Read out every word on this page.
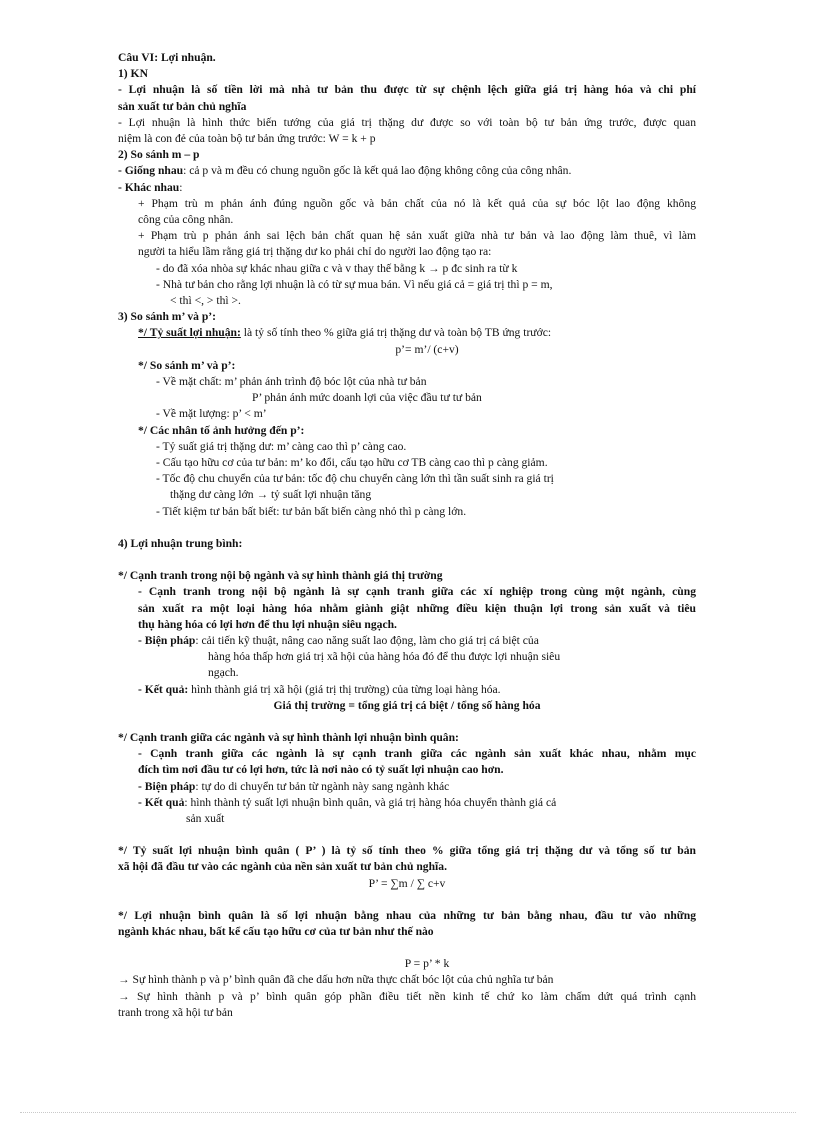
Câu VI: Lợi nhuận.

1) KN

- Lợi nhuận là số tiền lời mà nhà tư bản thu được từ sự chệnh lệch giữa giá trị hàng hóa và chi phí

sản xuất tư bản chủ nghĩa

- Lợi nhuận là hình thức biến tướng của giá trị thặng dư được so với toàn bộ tư bản ứng trước, được quan

niệm là con đẻ của toàn bộ tư bản ứng trước: W = k + p

2) So sánh m – p

- Giống nhau: cả p và m đều có chung nguồn gốc là kết quả lao động không công của công nhân.

- Khác nhau:

+ Phạm trù m phản ánh đúng nguồn gốc và bản chất của nó là kết quả của sự bóc lột lao động không

công của công nhân.

+ Phạm trù p phản ánh sai lệch bản chất quan hệ sản xuất giữa nhà tư bản và lao động làm thuê, vì làm

người ta hiểu lầm rằng giá trị thặng dư ko phải chỉ do người lao động tạo ra:

- do đã xóa nhòa sự khác nhau giữa c và v thay thế bằng k → p đc sinh ra từ k

- Nhà tư bản cho rằng lợi nhuận là có từ sự mua bán. Vì nếu giá cả = giá trị thì p = m,

< thì <, > thì >.

3) So sánh m’ và p’:

*/ Tỷ suất lợi nhuận: là tỷ số tính theo % giữa giá trị thặng dư và toàn bộ TB ứng trước:

p’= m’/ (c+v)

*/ So sánh m’ và p’:

- Về mặt chất: m’ phản ánh trình độ bóc lột của nhà tư bản

P’ phản ánh mức doanh lợi của việc đầu tư tư bản

- Về mặt lượng: p’ < m’

*/ Các nhân tố ảnh hưởng đến p’:

- Tỷ suất giá trị thặng dư: m’ càng cao thì p’ càng cao.

- Cấu tạo hữu cơ của tư bản: m’ ko đổi, cấu tạo hữu cơ TB càng cao thì p càng giảm.

- Tốc độ chu chuyển của tư bản: tốc độ chu chuyển càng lớn thì tần suất sinh ra giá trị

thặng dư càng lớn → tỷ suất lợi nhuận tăng

- Tiết kiệm tư bản bất biết: tư bản bất biến càng nhỏ thì p càng lớn.

4) Lợi nhuận trung bình:

*/ Cạnh tranh trong nội bộ ngành và sự hình thành giá thị trường

- Cạnh tranh trong nội bộ ngành là sự cạnh tranh giữa các xí nghiệp trong cùng một ngành, cùng

sản xuất ra một loại hàng hóa nhằm giành giật những điều kiện thuận lợi trong sản xuất và tiêu

thụ hàng hóa có lợi hơn để thu lợi nhuận siêu ngạch.

- Biện pháp: cải tiến kỹ thuật, nâng cao năng suất lao động, làm cho giá trị cá biệt của

hàng hóa thấp hơn giá trị xã hội của hàng hóa đó để thu được lợi nhuận siêu

ngạch.

- Kết quả: hình thành giá trị xã hội (giá trị thị trường) của từng loại hàng hóa.

Giá thị trường = tổng giá trị cá biệt / tổng số hàng hóa

*/ Cạnh tranh giữa các ngành và sự hình thành lợi nhuận bình quân:

- Cạnh tranh giữa các ngành là sự cạnh tranh giữa các ngành sản xuất khác nhau, nhằm mục

đích tìm nơi đầu tư có lợi hơn, tức là nơi nào có tỷ suất lợi nhuận cao hơn.

- Biện pháp: tự do di chuyển tư bản từ ngành này sang ngành khác

- Kết quả: hình thành tỷ suất lợi nhuận bình quân, và giá trị hàng hóa chuyển thành giá cả

sản xuất

*/ Tỷ suất lợi nhuận bình quân ( P’ ) là tỷ số tính theo % giữa tổng giá trị thặng dư và tổng số tư bản

xã hội đã đầu tư vào các ngành của nền sản xuất tư bản chủ nghĩa.

P’ = ∑m / ∑ c+v

*/ Lợi nhuận bình quân là số lợi nhuận bằng nhau của những tư bản bằng nhau, đầu tư vào những

ngành khác nhau, bất kể cấu tạo hữu cơ của tư bản như thế nào

P = p’ * k

→ Sự hình thành p và p’ bình quân đã che dấu hơn nữa thực chất bóc lột của chủ nghĩa tư bản

→ Sự hình thành p và p’ bình quân góp phần điều tiết nền kinh tế chứ ko làm chấm dứt quá trình cạnh

tranh trong xã hội tư bản
